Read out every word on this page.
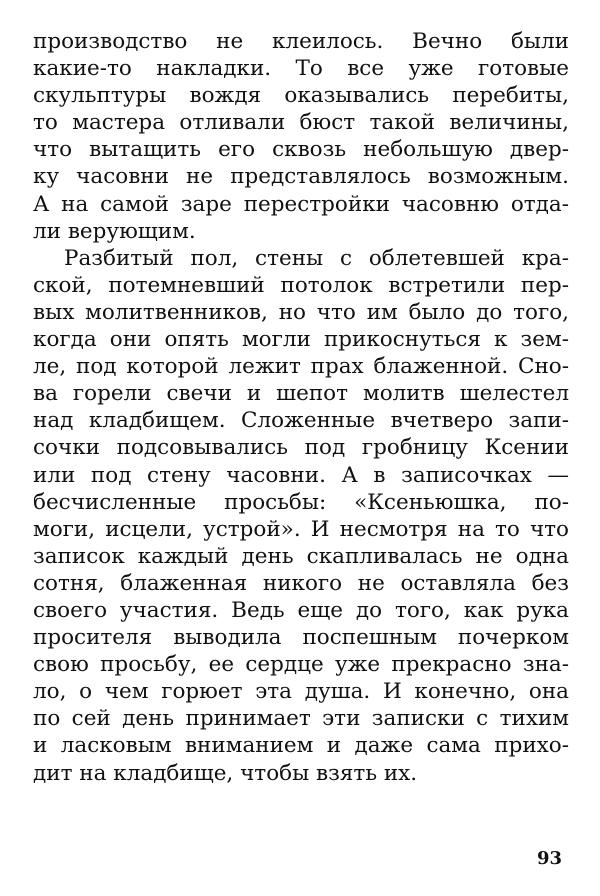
производство не клеилось. Вечно были
какие-то накладки. То все уже готовые
скульптуры вождя оказывались перебиты,
то мастера отливали бюст такой величины,
что вытащить его сквозь небольшую двер-
ку часовни не представлялось возможным.
А на самой заре перестройки часовню отда-
ли верующим.
Разбитый пол, стены с облетевшей кра-
ской, потемневший потолок встретили пер-
вых молитвенников, но что им было до того,
когда они опять могли прикоснуться к зем-
ле, под которой лежит прах блаженной. Сно-
ва горели свечи и шепот молитв шелестел
над кладбищем. Сложенные вчетверо запи-
сочки подсовывались под гробницу Ксении
или под стену часовни. А в записочках —
бесчисленные просьбы: «Ксеньюшка, по-
моги, исцели, устрой». И несмотря на то что
записок каждый день скапливалась не одна
сотня, блаженная никого не оставляла без
своего участия. Ведь еще до того, как рука
просителя выводила поспешным почерком
свою просьбу, ее сердце уже прекрасно зна-
ло, о чем горюет эта душа. И конечно, она
по сей день принимает эти записки с тихим
и ласковым вниманием и даже сама прихо-
дит на кладбище, чтобы взять их.
93
